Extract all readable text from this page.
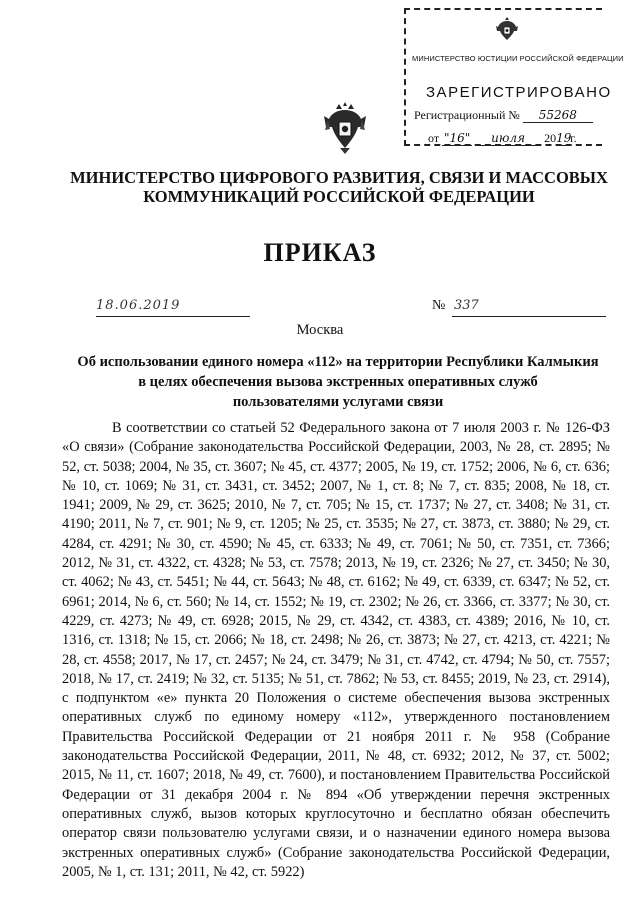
МИНИСТЕРСТВО ЮСТИЦИИ РОССИЙСКОЙ ФЕДЕРАЦИИ
ЗАРЕГИСТРИРОВАНО
Регистрационный № 55268
от "16" июля 2019г.
МИНИСТЕРСТВО ЦИФРОВОГО РАЗВИТИЯ, СВЯЗИ И МАССОВЫХ
КОММУНИКАЦИЙ РОССИЙСКОЙ ФЕДЕРАЦИИ
ПРИКАЗ
18.06.2019	№ 337
Москва
Об использовании единого номера «112» на территории Республики Калмыкия
в целях обеспечения вызова экстренных оперативных служб
пользователями услугами связи

В соответствии со статьей 52 Федерального закона от 7 июля 2003 г. № 126-ФЗ «О связи» (Собрание законодательства Российской Федерации, 2003, № 28, ст. 2895; № 52, ст. 5038; 2004, № 35, ст. 3607; № 45, ст. 4377; 2005, № 19, ст. 1752; 2006, № 6, ст. 636; № 10, ст. 1069; № 31, ст. 3431, ст. 3452; 2007, № 1, ст. 8; № 7, ст. 835; 2008, № 18, ст. 1941; 2009, № 29, ст. 3625; 2010, № 7, ст. 705; № 15, ст. 1737; № 27, ст. 3408; № 31, ст. 4190; 2011, № 7, ст. 901; № 9, ст. 1205; № 25, ст. 3535; № 27, ст. 3873, ст. 3880; № 29, ст. 4284, ст. 4291; № 30, ст. 4590; № 45, ст. 6333; № 49, ст. 7061; № 50, ст. 7351, ст. 7366; 2012, № 31, ст. 4322, ст. 4328; № 53, ст. 7578; 2013, № 19, ст. 2326; № 27, ст. 3450; № 30, ст. 4062; № 43, ст. 5451; № 44, ст. 5643; № 48, ст. 6162; № 49, ст. 6339, ст. 6347; № 52, ст. 6961; 2014, № 6, ст. 560; № 14, ст. 1552; № 19, ст. 2302; № 26, ст. 3366, ст. 3377; № 30, ст. 4229, ст. 4273; № 49, ст. 6928; 2015, № 29, ст. 4342, ст. 4383, ст. 4389; 2016, № 10, ст. 1316, ст. 1318; № 15, ст. 2066; № 18, ст. 2498; № 26, ст. 3873; № 27, ст. 4213, ст. 4221; № 28, ст. 4558; 2017, № 17, ст. 2457; № 24, ст. 3479; № 31, ст. 4742, ст. 4794; № 50, ст. 7557; 2018, № 17, ст. 2419; № 32, ст. 5135; № 51, ст. 7862; № 53, ст. 8455; 2019, № 23, ст. 2914), с подпунктом «е» пункта 20 Положения о системе обеспечения вызова экстренных оперативных служб по единому номеру «112», утвержденного постановлением Правительства Российской Федерации от 21 ноября 2011 г. № 958 (Собрание законодательства Российской Федерации, 2011, № 48, ст. 6932; 2012, № 37, ст. 5002; 2015, № 11, ст. 1607; 2018, № 49, ст. 7600), и постановлением Правительства Российской Федерации от 31 декабря 2004 г. № 894 «Об утверждении перечня экстренных оперативных служб, вызов которых круглосуточно и бесплатно обязан обеспечить оператор связи пользователю услугами связи, и о назначении единого номера вызова экстренных оперативных служб» (Собрание законодательства Российской Федерации, 2005, № 1, ст. 131; 2011, № 42, ст. 5922)
